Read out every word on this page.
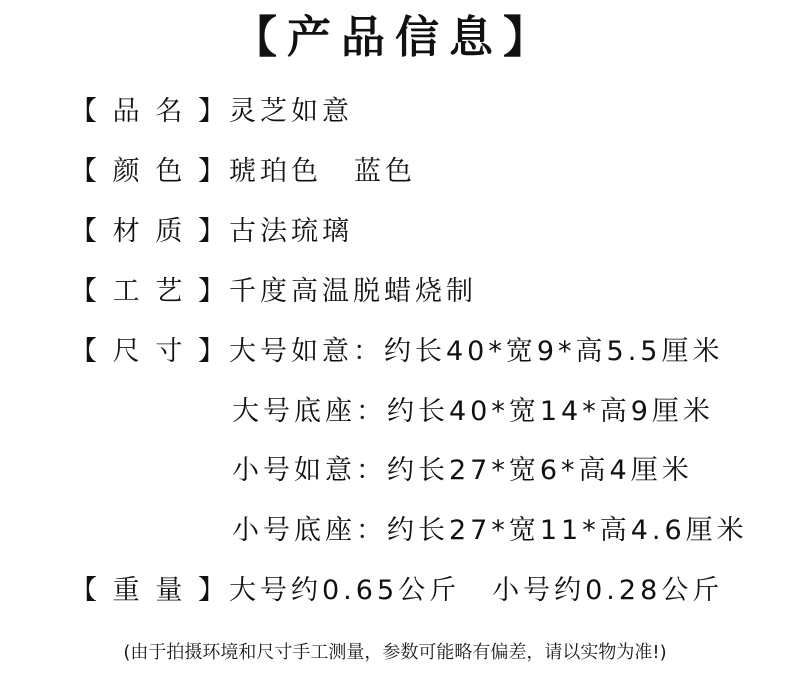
【产品信息】
【 品 名 】 灵芝如意
【 颜 色 】 琥珀色 蓝色
【 材 质 】 古法琉璃
【 工 艺 】 千度高温脱蜡烧制
【 尺 寸 】 大号如意：约长40*宽9*高5.5厘米
大号底座：约长40*宽14*高9厘米
小号如意：约长27*宽6*高4厘米
小号底座：约长27*宽11*高4.6厘米
【 重 量 】 大号约0.65公斤 小号约0.28公斤
(由于拍摄环境和尺寸手工测量，参数可能略有偏差，请以实物为准!)
